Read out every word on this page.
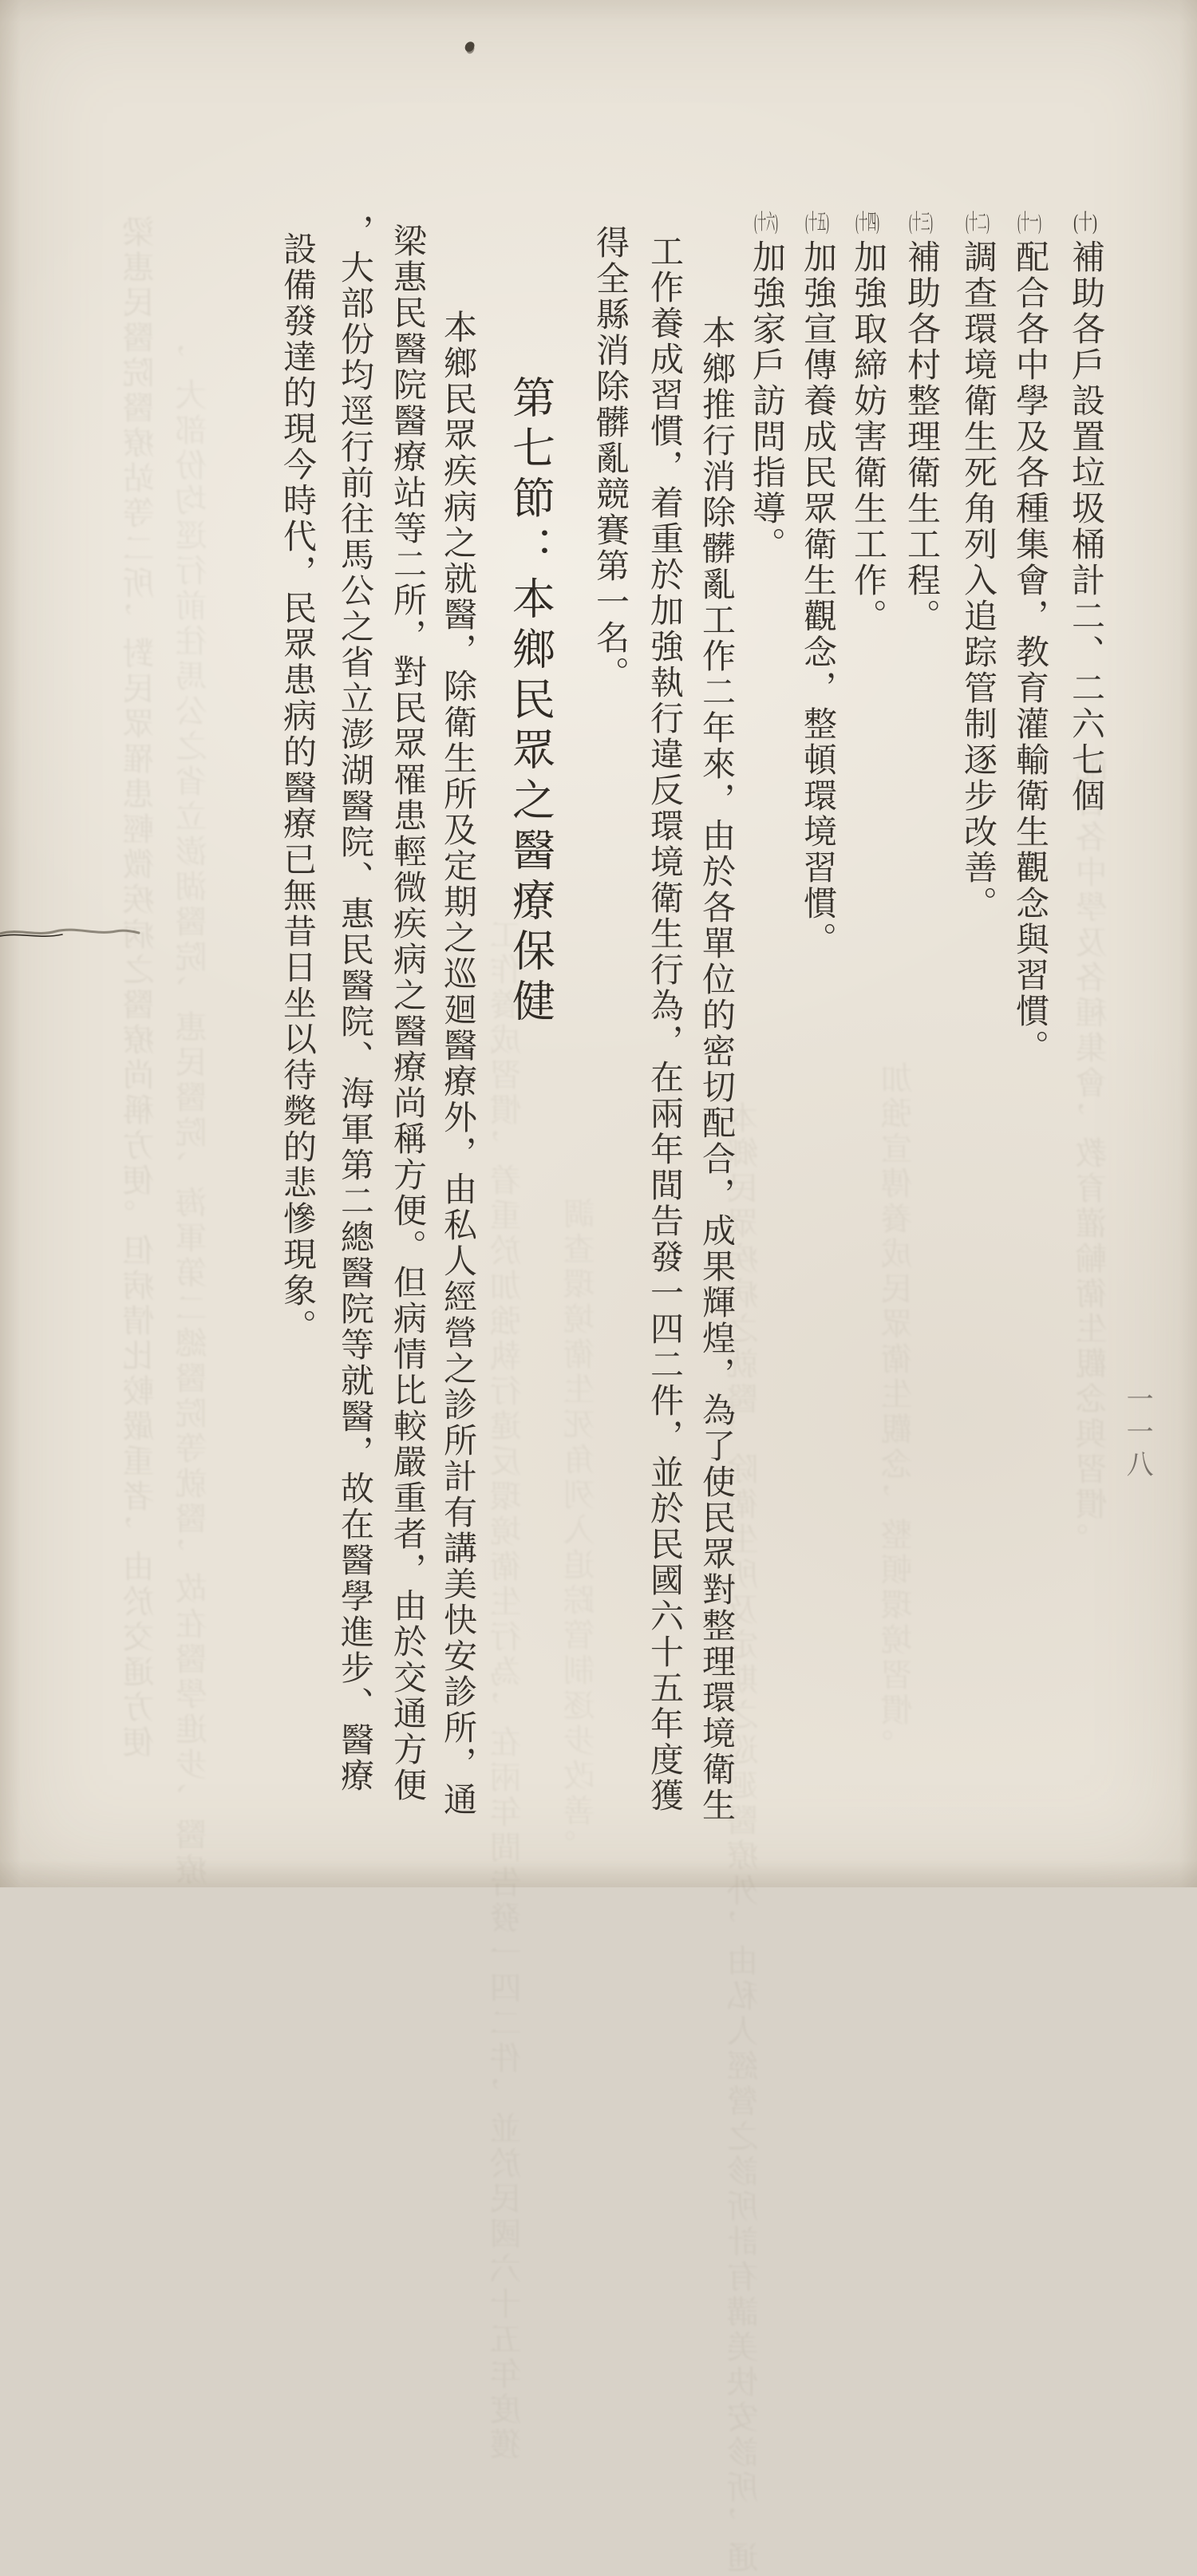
梁惠民醫院醫療站等二所，對民眾罹患輕微疾病之醫療尚稱方便。但病情比較嚴重者，由於交通方便 ，大部份均逕行前往馬公之省立澎湖醫院、惠民醫院、海軍第二總醫院等就醫，故在醫學進步、醫療	工作養成習慣，着重於加強執行違反環境衛生行為，在兩年間告發一四二件，並於民國六十五年度獲 調查環境衛生死角列入追踪管制逐步改善。	本鄉民眾疾病之就醫，除衛生所及定期之巡廻醫療外，由私人經營之診所計有講美快安診所，通	加強宣傳養成民眾衛生觀念，整頓環境習慣。	配合各中學及各種集會，教育灌輸衛生觀念與習慣。
(十)補助各戶設置垃圾桶計二、二六七個
(十一)配合各中學及各種集會，教育灌輸衛生觀念與習慣。
(十二)調查環境衛生死角列入追踪管制逐步改善。
(十三)補助各村整理衛生工程。
(十四)加強取締妨害衛生工作。
(十五)加強宣傳養成民眾衛生觀念，整頓環境習慣。
(十六)加強家戶訪問指導。
本鄉推行消除髒亂工作二年來，由於各單位的密切配合，成果輝煌，為了使民眾對整理環境衛生
工作養成習慣，着重於加強執行違反環境衛生行為，在兩年間告發一四二件，並於民國六十五年度獲
得全縣消除髒亂競賽第一名。
第七節：本鄉民眾之醫療保健
本鄉民眾疾病之就醫，除衛生所及定期之巡廻醫療外，由私人經營之診所計有講美快安診所，通
梁惠民醫院醫療站等二所，對民眾罹患輕微疾病之醫療尚稱方便。但病情比較嚴重者，由於交通方便
，大部份均逕行前往馬公之省立澎湖醫院、惠民醫院、海軍第二總醫院等就醫，故在醫學進步、醫療
設備發達的現今時代，民眾患病的醫療已無昔日坐以待斃的悲慘現象。
一一八
